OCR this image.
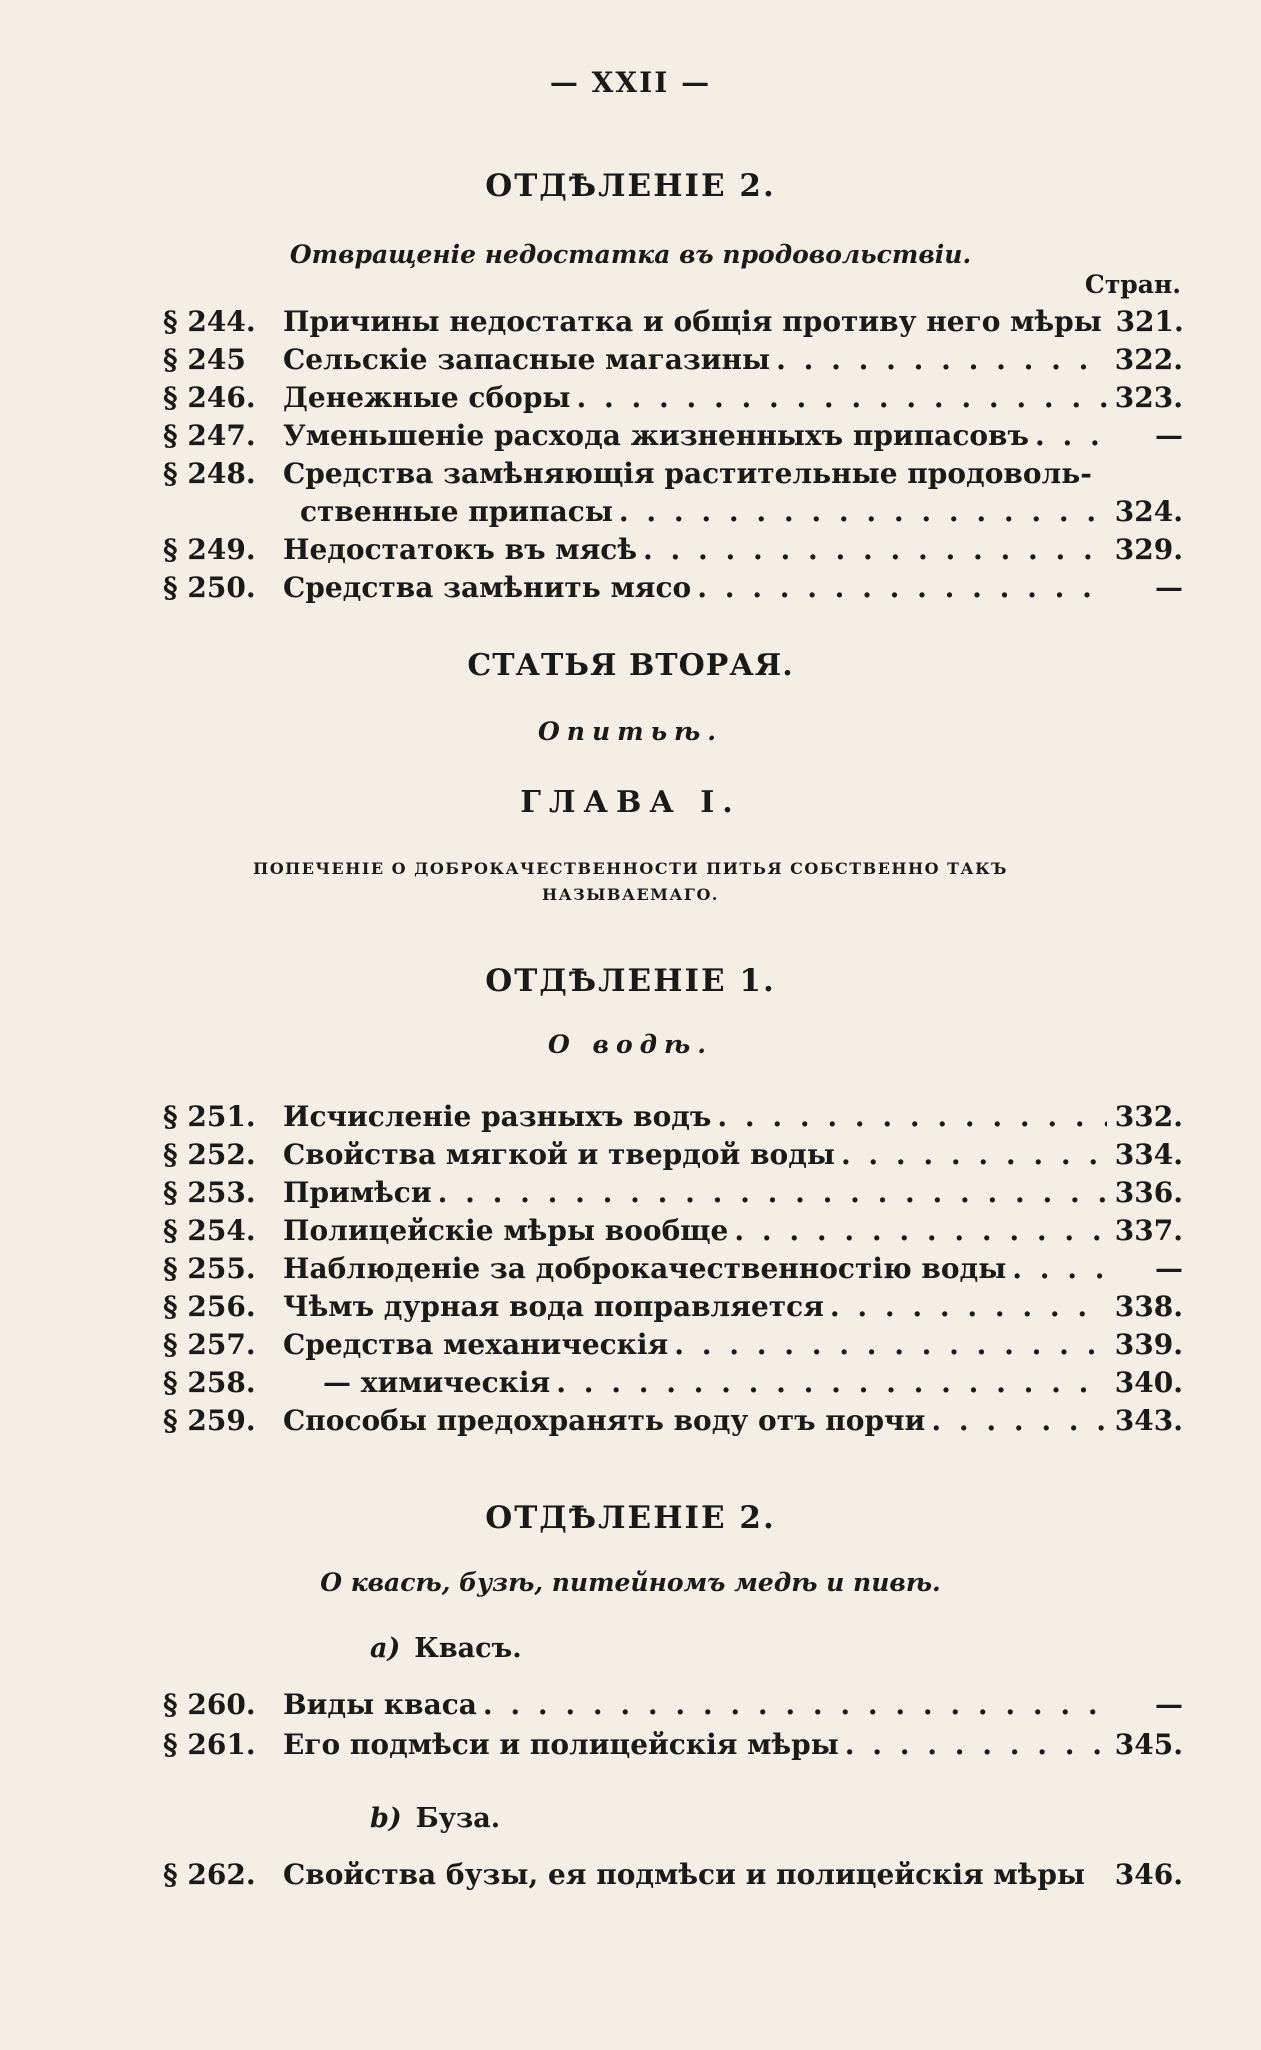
— XXII —
ОТДѢЛЕНІЕ 2.
Отвращеніе недостатка въ продовольствіи.
Стран.
§ 244. Причины недостатка и общія противу него мѣры 321.
§ 245	Сельскіе запасные магазины . . .	322.
§ 246. Денежные сборы . . .	323.
§ 247. Уменьшеніе расхода жизненныхъ припасовъ . . .	—
§ 248. Средства замѣняющія растительные продоволь-
ственные припасы . . .	324.
§ 249. Недостатокъ въ мясѣ . . .	329.
§ 250. Средства замѣнить мясо . . .	—
СТАТЬЯ ВТОРАЯ.
Опитьѣ.
ГЛАВА I.
ПОПЕЧЕНІЕ О ДОБРОКАЧЕСТВЕННОСТИ ПИТЬЯ СОБСТВЕННО ТАКЪ
НАЗЫВАЕМАГО.
ОТДѢЛЕНІЕ 1.
О водѣ.
§ 251. Исчисленіе разныхъ водъ . . .	332.
§ 252. Свойства мягкой и твердой воды . . .	334.
§ 253. Примѣси . . .	336.
§ 254. Полицейскіе мѣры вообще . . .	337.
§ 255. Наблюденіе за доброкачественностію воды . . .	—
§ 256. Чѣмъ дурная вода поправляется . . .	338.
§ 257. Средства механическія . . .	339.
§ 258.	— химическія . . .	340.
§ 259. Способы предохранять воду отъ порчи . . .	343.
ОТДѢЛЕНІЕ 2.
О квасѣ, бузѣ, питейномъ медѣ и пивѣ.
а) Квасъ.
§ 260. Виды кваса . . .	—
§ 261. Его подмѣси и полицейскія мѣры . . .	345.
b) Буза.
§ 262. Свойства бузы, ея подмѣси и полицейскія мѣры 346.
